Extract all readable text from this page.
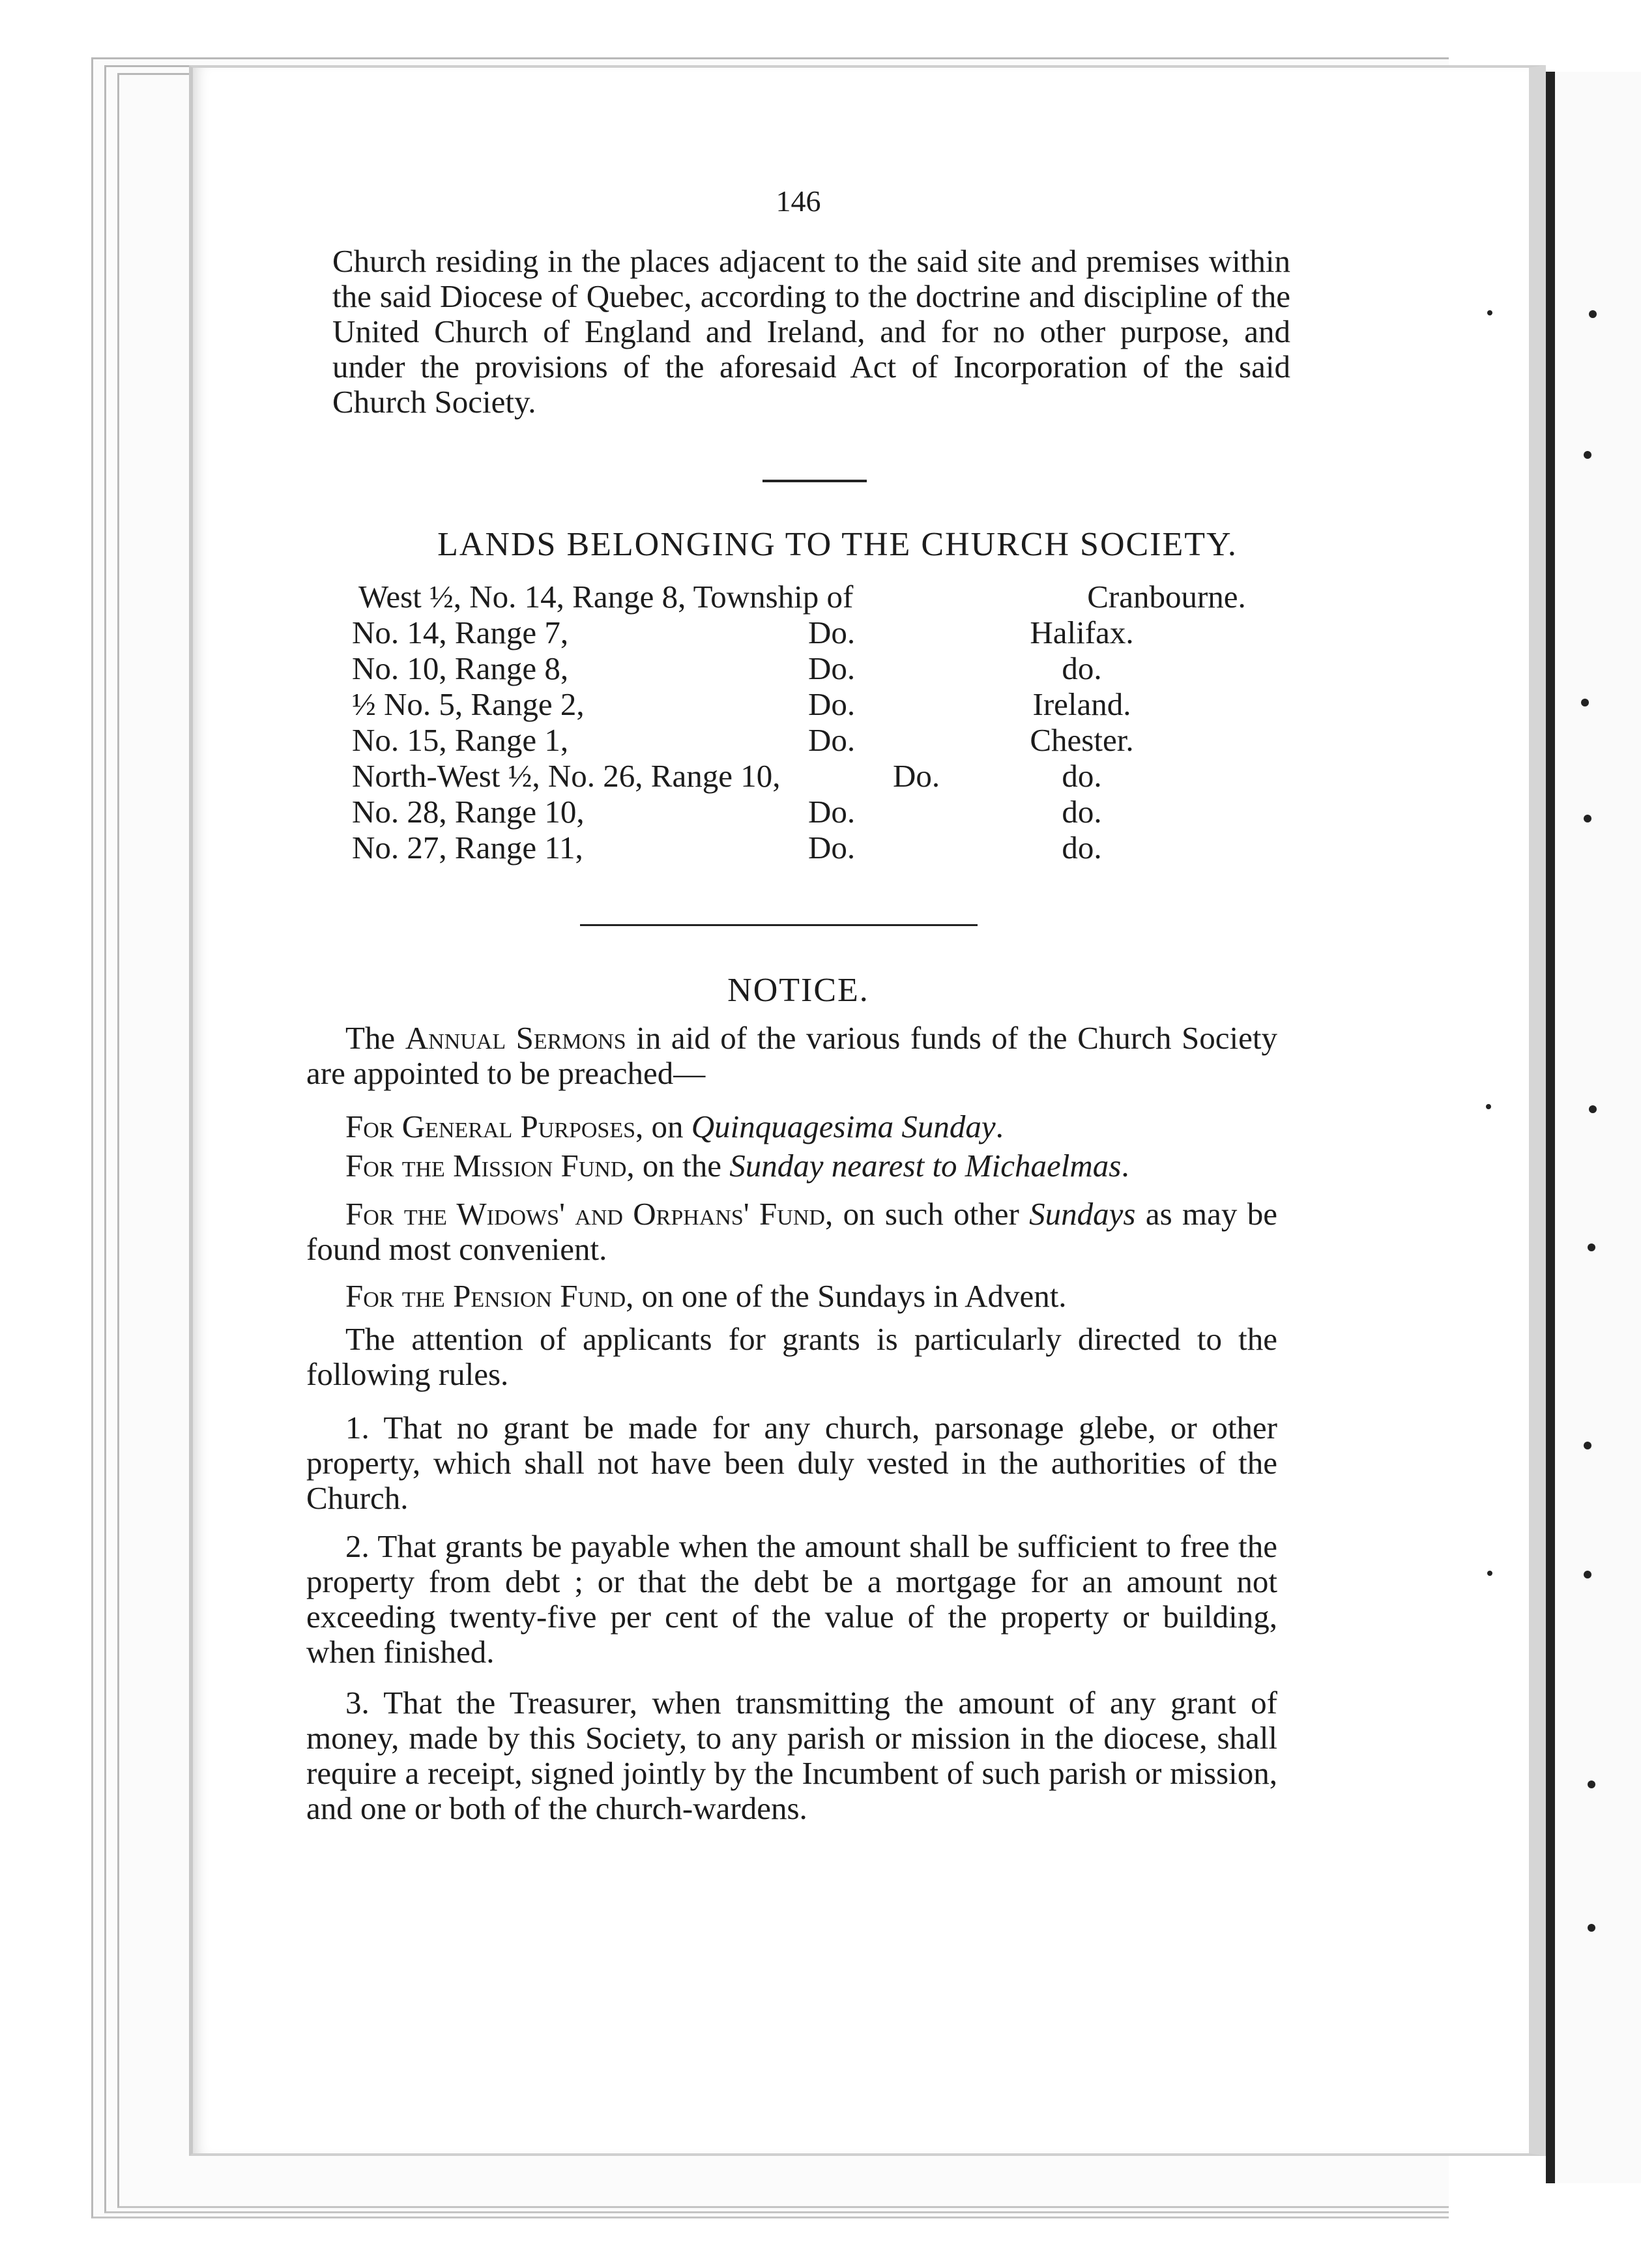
146
Church residing in the places adjacent to the said site and premises within the said Diocese of Quebec, according to the doctrine and discipline of the United Church of England and Ireland, and for no other purpose, and under the provisions of the aforesaid Act of Incorporation of the said Church Society.
LANDS BELONGING TO THE CHURCH SOCIETY.
West ½, No. 14, Range 8, Township of	Cranbourne.
No. 14, Range 7,	Do.	Halifax.
No. 10, Range 8,	Do.	do.
½ No. 5, Range 2,	Do.	Ireland.
No. 15, Range 1,	Do.	Chester.
North-West ½, No. 26, Range 10,	Do.	do.
No. 28, Range 10,	Do.	do.
No. 27, Range 11,	Do.	do.
NOTICE.
The Annual Sermons in aid of the various funds of the Church Society are appointed to be preached—
For General Purposes, on Quinquagesima Sunday.
For the Mission Fund, on the Sunday nearest to Michaelmas.
For the Widows' and Orphans' Fund, on such other Sundays as may be found most convenient.
For the Pension Fund, on one of the Sundays in Advent.
The attention of applicants for grants is particularly directed to the following rules.
1. That no grant be made for any church, parsonage glebe, or other property, which shall not have been duly vested in the authorities of the Church.
2. That grants be payable when the amount shall be sufficient to free the property from debt ; or that the debt be a mortgage for an amount not exceeding twenty-five per cent of the value of the property or building, when finished.
3. That the Treasurer, when transmitting the amount of any grant of money, made by this Society, to any parish or mission in the diocese, shall require a receipt, signed jointly by the Incumbent of such parish or mission, and one or both of the church-wardens.
